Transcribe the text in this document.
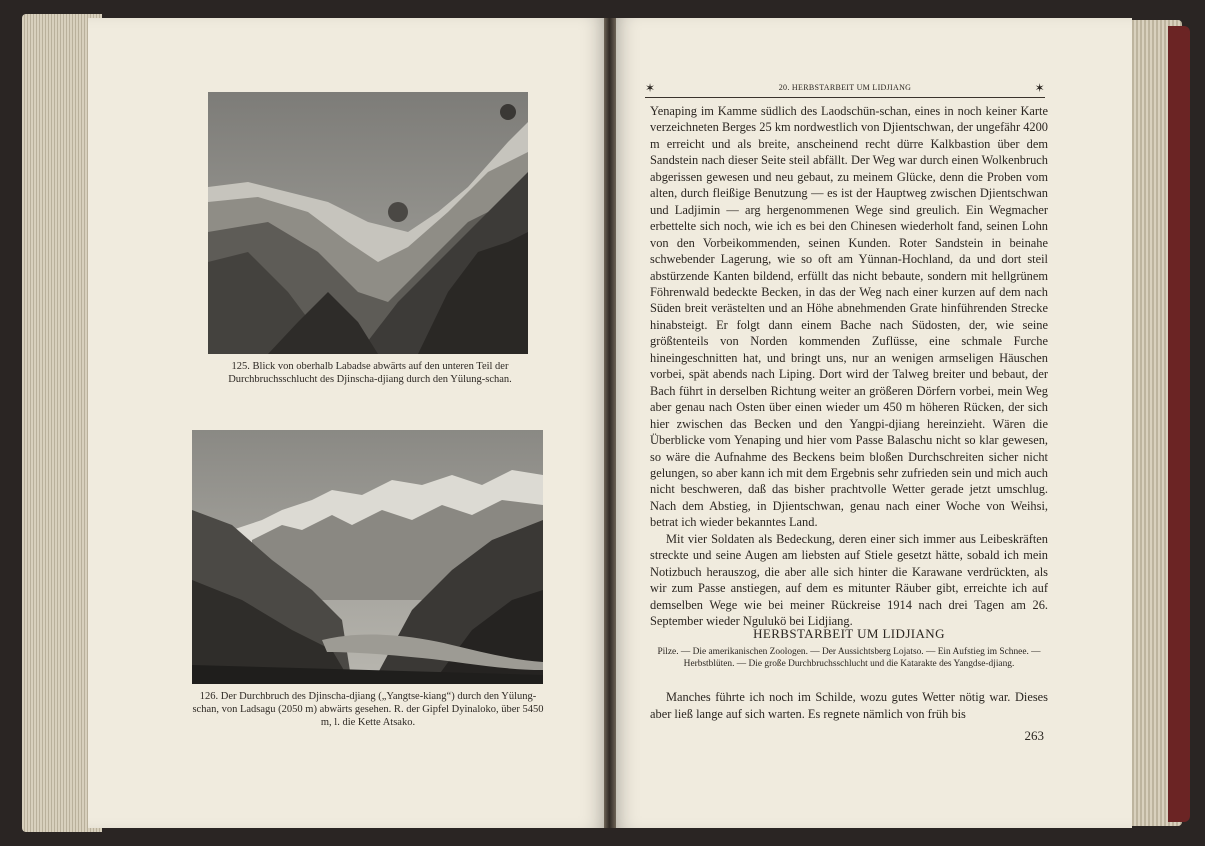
125. Blick von oberhalb Labadse abwärts auf den unteren Teil der Durchbruchsschlucht des Djinscha-djiang durch den Yülung-schan.
126. Der Durchbruch des Djinscha-djiang („Yangtse-kiang“) durch den Yülung-schan, von Ladsagu (2050 m) abwärts gesehen. R. der Gipfel Dyinaloko, über 5450 m, l. die Kette Atsako.
✶	20. HERBSTARBEIT UM LIDJIANG	✶

Yenaping im Kamme südlich des Laodschün-schan, eines in noch keiner Karte verzeichneten Berges 25 km nordwestlich von Djientschwan, der ungefähr 4200 m erreicht und als breite, anscheinend recht dürre Kalkbastion über dem Sandstein nach dieser Seite steil abfällt. Der Weg war durch einen Wolkenbruch abgerissen gewesen und neu gebaut, zu meinem Glücke, denn die Proben vom alten, durch fleißige Benutzung — es ist der Hauptweg zwischen Djientschwan und Ladjimin — arg hergenommenen Wege sind greulich. Ein Wegmacher erbettelte sich noch, wie ich es bei den Chinesen wiederholt fand, seinen Lohn von den Vorbeikommenden, seinen Kunden. Roter Sandstein in beinahe schwebender Lagerung, wie so oft am Yünnan-Hochland, da und dort steil abstürzende Kanten bildend, erfüllt das nicht bebaute, sondern mit hellgrünem Föhrenwald bedeckte Becken, in das der Weg nach einer kurzen auf dem nach Süden breit verästelten und an Höhe abnehmenden Grate hinführenden Strecke hinabsteigt. Er folgt dann einem Bache nach Südosten, der, wie seine größtenteils von Norden kommenden Zuflüsse, eine schmale Furche hineingeschnitten hat, und bringt uns, nur an wenigen armseligen Häuschen vorbei, spät abends nach Liping. Dort wird der Talweg breiter und bebaut, der Bach führt in derselben Richtung weiter an größeren Dörfern vorbei, mein Weg aber genau nach Osten über einen wieder um 450 m höheren Rücken, der sich hier zwischen das Becken und den Yangpi-djiang hereinzieht. Wären die Überblicke vom Yenaping und hier vom Passe Balaschu nicht so klar gewesen, so wäre die Aufnahme des Beckens beim bloßen Durchschreiten sicher nicht gelungen, so aber kann ich mit dem Ergebnis sehr zufrieden sein und mich auch nicht beschweren, daß das bisher prachtvolle Wetter gerade jetzt umschlug. Nach dem Abstieg, in Djientschwan, genau nach einer Woche von Weihsi, betrat ich wieder bekanntes Land.

Mit vier Soldaten als Bedeckung, deren einer sich immer aus Leibeskräften streckte und seine Augen am liebsten auf Stiele gesetzt hätte, sobald ich mein Notizbuch herauszog, die aber alle sich hinter die Karawane verdrückten, als wir zum Passe anstiegen, auf dem es mitunter Räuber gibt, erreichte ich auf demselben Wege wie bei meiner Rückreise 1914 nach drei Tagen am 26. September wieder Ngulukö bei Lidjiang.

HERBSTARBEIT UM LIDJIANG
Pilze. — Die amerikanischen Zoologen. — Der Aussichtsberg Lojatso. — Ein Aufstieg im Schnee. — Herbstblüten. — Die große Durchbruchsschlucht und die Katarakte des Yangdse-djiang.
Manches führte ich noch im Schilde, wozu gutes Wetter nötig war. Dieses aber ließ lange auf sich warten. Es regnete nämlich von früh bis
263
